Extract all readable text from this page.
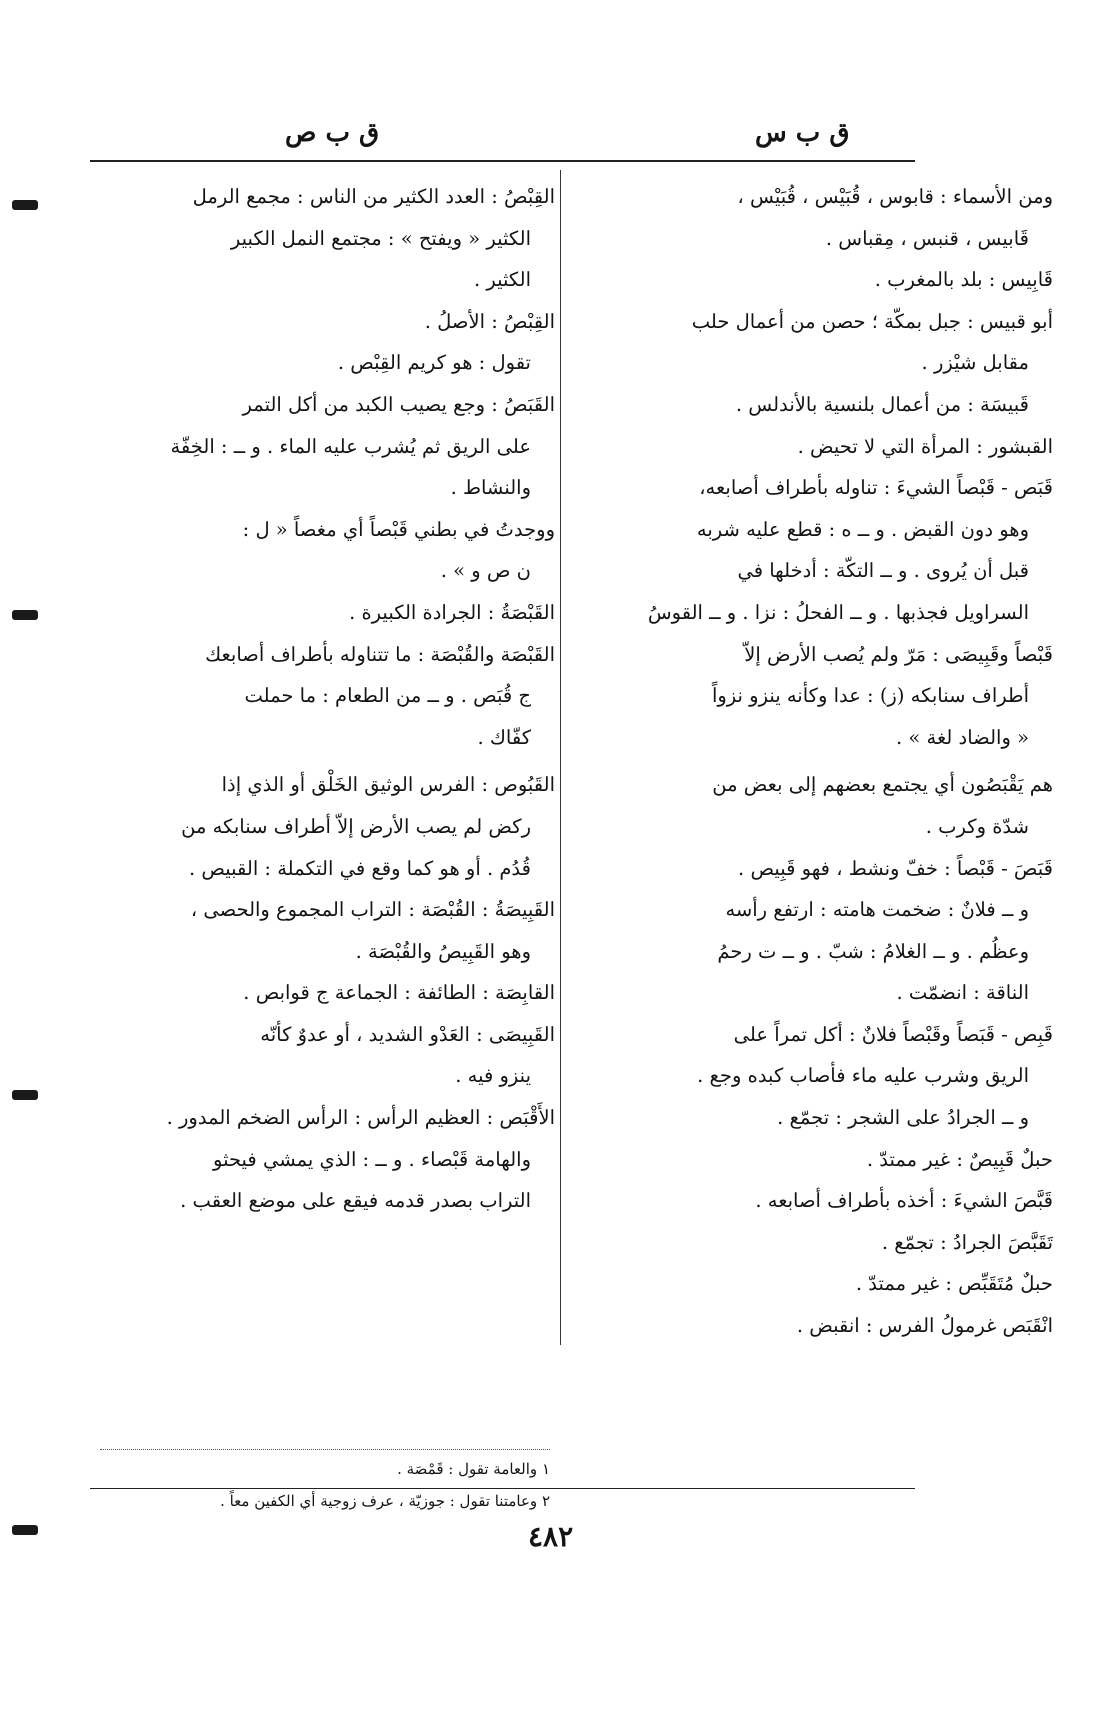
ق ب ص	ق ب س

ومن الأسماء : قابوس ، قُبَيْس ، قُبَيْس ،

قَابيس ، قنبس ، مِقباس .

قَابِيس : بلد بالمغرب .

أبو قبيس : جبل بمكّة ؛ حصن من أعمال حلب

مقابل شيْزر .

قَبيسَة : من أعمال بلنسية بالأندلس .

القبشور : المرأة التي لا تحيض .

قَبَص - قَبْصاً الشيءَ : تناوله بأطراف أصابعه،

وهو دون القبض . و ــ ه : قطع عليه شربه

قبل أن يُروى . و ــ التكّة : أدخلها في

السراويل فجذبها . و ــ الفحلُ : نزا . و ــ القوسُ

قَبْصاً وقَبِيصَى : مَرّ ولم يُصب الأرض إلاّ

أطراف سنابكه (ز) : عدا وكأنه ينزو نزواً

« والضاد لغة » .

هم يَقْبَصُون أي يجتمع بعضهم إلى بعض من

شدّة وكرب .

قَبَصَ - قَبْصاً : خفّ ونشط ، فهو قَبِيص .

و ــ فلانٌ : ضخمت هامته : ارتفع رأسه

وعظُم . و ــ الغلامُ : شبّ . و ــ ت رحمُ

الناقة : انضمّت .

قَبِص - قَبَصاً وقَبْصاً فلانٌ : أكل تمراً على

الريق وشرب عليه ماء فأصاب كبده وجع .

و ــ الجرادُ على الشجر : تجمّع .

حبلٌ قَبِيصٌ : غير ممتدّ .

قَبَّصَ الشيءَ : أخذه بأطراف أصابعه .

تَقَبَّصَ الجرادُ : تجمّع .

حبلٌ مُتَقَبِّص : غير ممتدّ .

انْقَبَص غرمولُ الفرس : انقبض .

القِبْصُ : العدد الكثير من الناس : مجمع الرمل

الكثير « ويفتح » : مجتمع النمل الكبير

الكثير .

القِبْصُ : الأصلُ .

تقول : هو كريم القِبْص .

القَبَصُ : وجع يصيب الكبد من أكل التمر

على الريق ثم يُشرب عليه الماء . و ــ : الخِفّة

والنشاط .

ووجدتُ في بطني قَبْصاً أي مغصاً « ل :

ن ص و » .

القَبْصَةُ : الجرادة الكبيرة .

القَبْصَة والقُبْصَة : ما تتناوله بأطراف أصابعك

ج قُبَص . و ــ من الطعام : ما حملت

كفّاك .

القَبُوص : الفرس الوثيق الخَلْق أو الذي إذا

ركض لم يصب الأرض إلاّ أطراف سنابكه من

قُدُم . أو هو كما وقع في التكملة : القبيص .

القَبِيصَةُ : القُبْصَة : التراب المجموع والحصى ،

وهو القَبِيصُ والقُبْصَة .

القابِصَة : الطائفة : الجماعة ج قوابص .

القَبِيصَى : العَدْو الشديد ، أو عدوٌ كأنّه

ينزو فيه .

الأَقْبَص : العظيم الرأس : الرأس الضخم المدور .

والهامة قَبْصاء . و ــ : الذي يمشي فيحثو

التراب بصدر قدمه فيقع على موضع العقب .

١ والعامة تقول : قَمْصَة .

٢ وعامتنا تقول : جوزيّة ، عرف زوجية أي الكفين معاً .

٤٨٢
